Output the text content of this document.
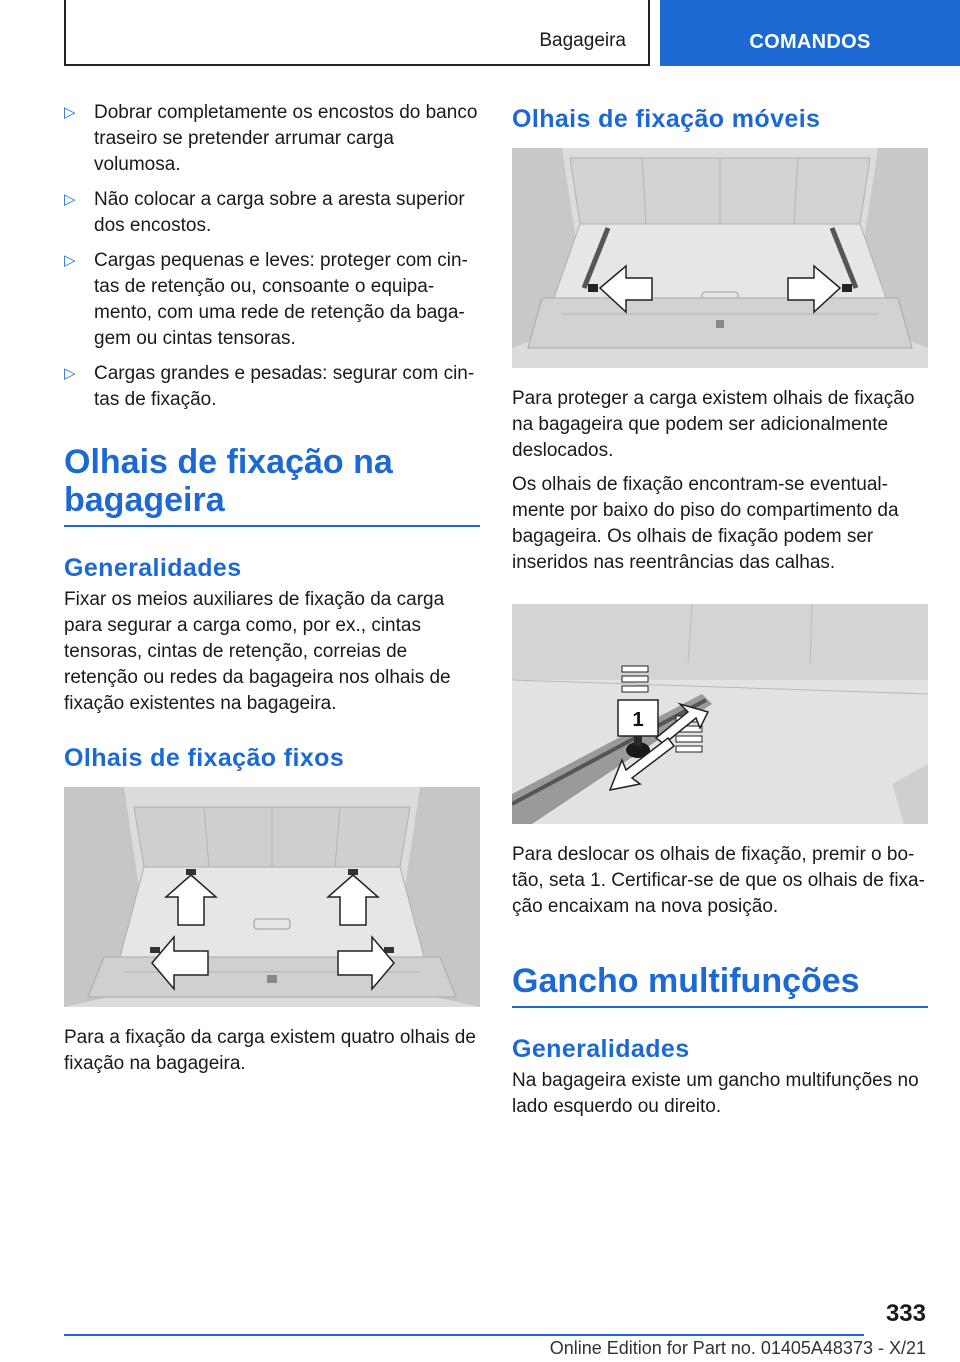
Bagageira	COMANDOS
▷ Dobrar completamente os encostos do banco traseiro se pretender arrumar carga volumosa.
▷ Não colocar a carga sobre a aresta superior dos encostos.
▷ Cargas pequenas e leves: proteger com cintas de retenção ou, consoante o equipamento, com uma rede de retenção da bagagem ou cintas tensoras.
▷ Cargas grandes e pesadas: segurar com cintas de fixação.
Olhais de fixação na bagageira
Generalidades

Fixar os meios auxiliares de fixação da carga para segurar a carga como, por ex., cintas tensoras, cintas de retenção, correias de retenção ou redes da bagageira nos olhais de fixação existentes na bagageira.

Olhais de fixação fixos

Para a fixação da carga existem quatro olhais de fixação na bagageira.

Olhais de fixação móveis

Para proteger a carga existem olhais de fixação na bagageira que podem ser adicionalmente deslocados.

Os olhais de fixação encontram-se eventualmente por baixo do piso do compartimento da bagageira. Os olhais de fixação podem ser inseridos nas reentrâncias das calhas.

1

Para deslocar os olhais de fixação, premir o botão, seta 1. Certificar-se de que os olhais de fixação encaixam na nova posição.

Gancho multifunções
Generalidades

Na bagageira existe um gancho multifunções no lado esquerdo ou direito.

333
Online Edition for Part no. 01405A48373 - X/21
